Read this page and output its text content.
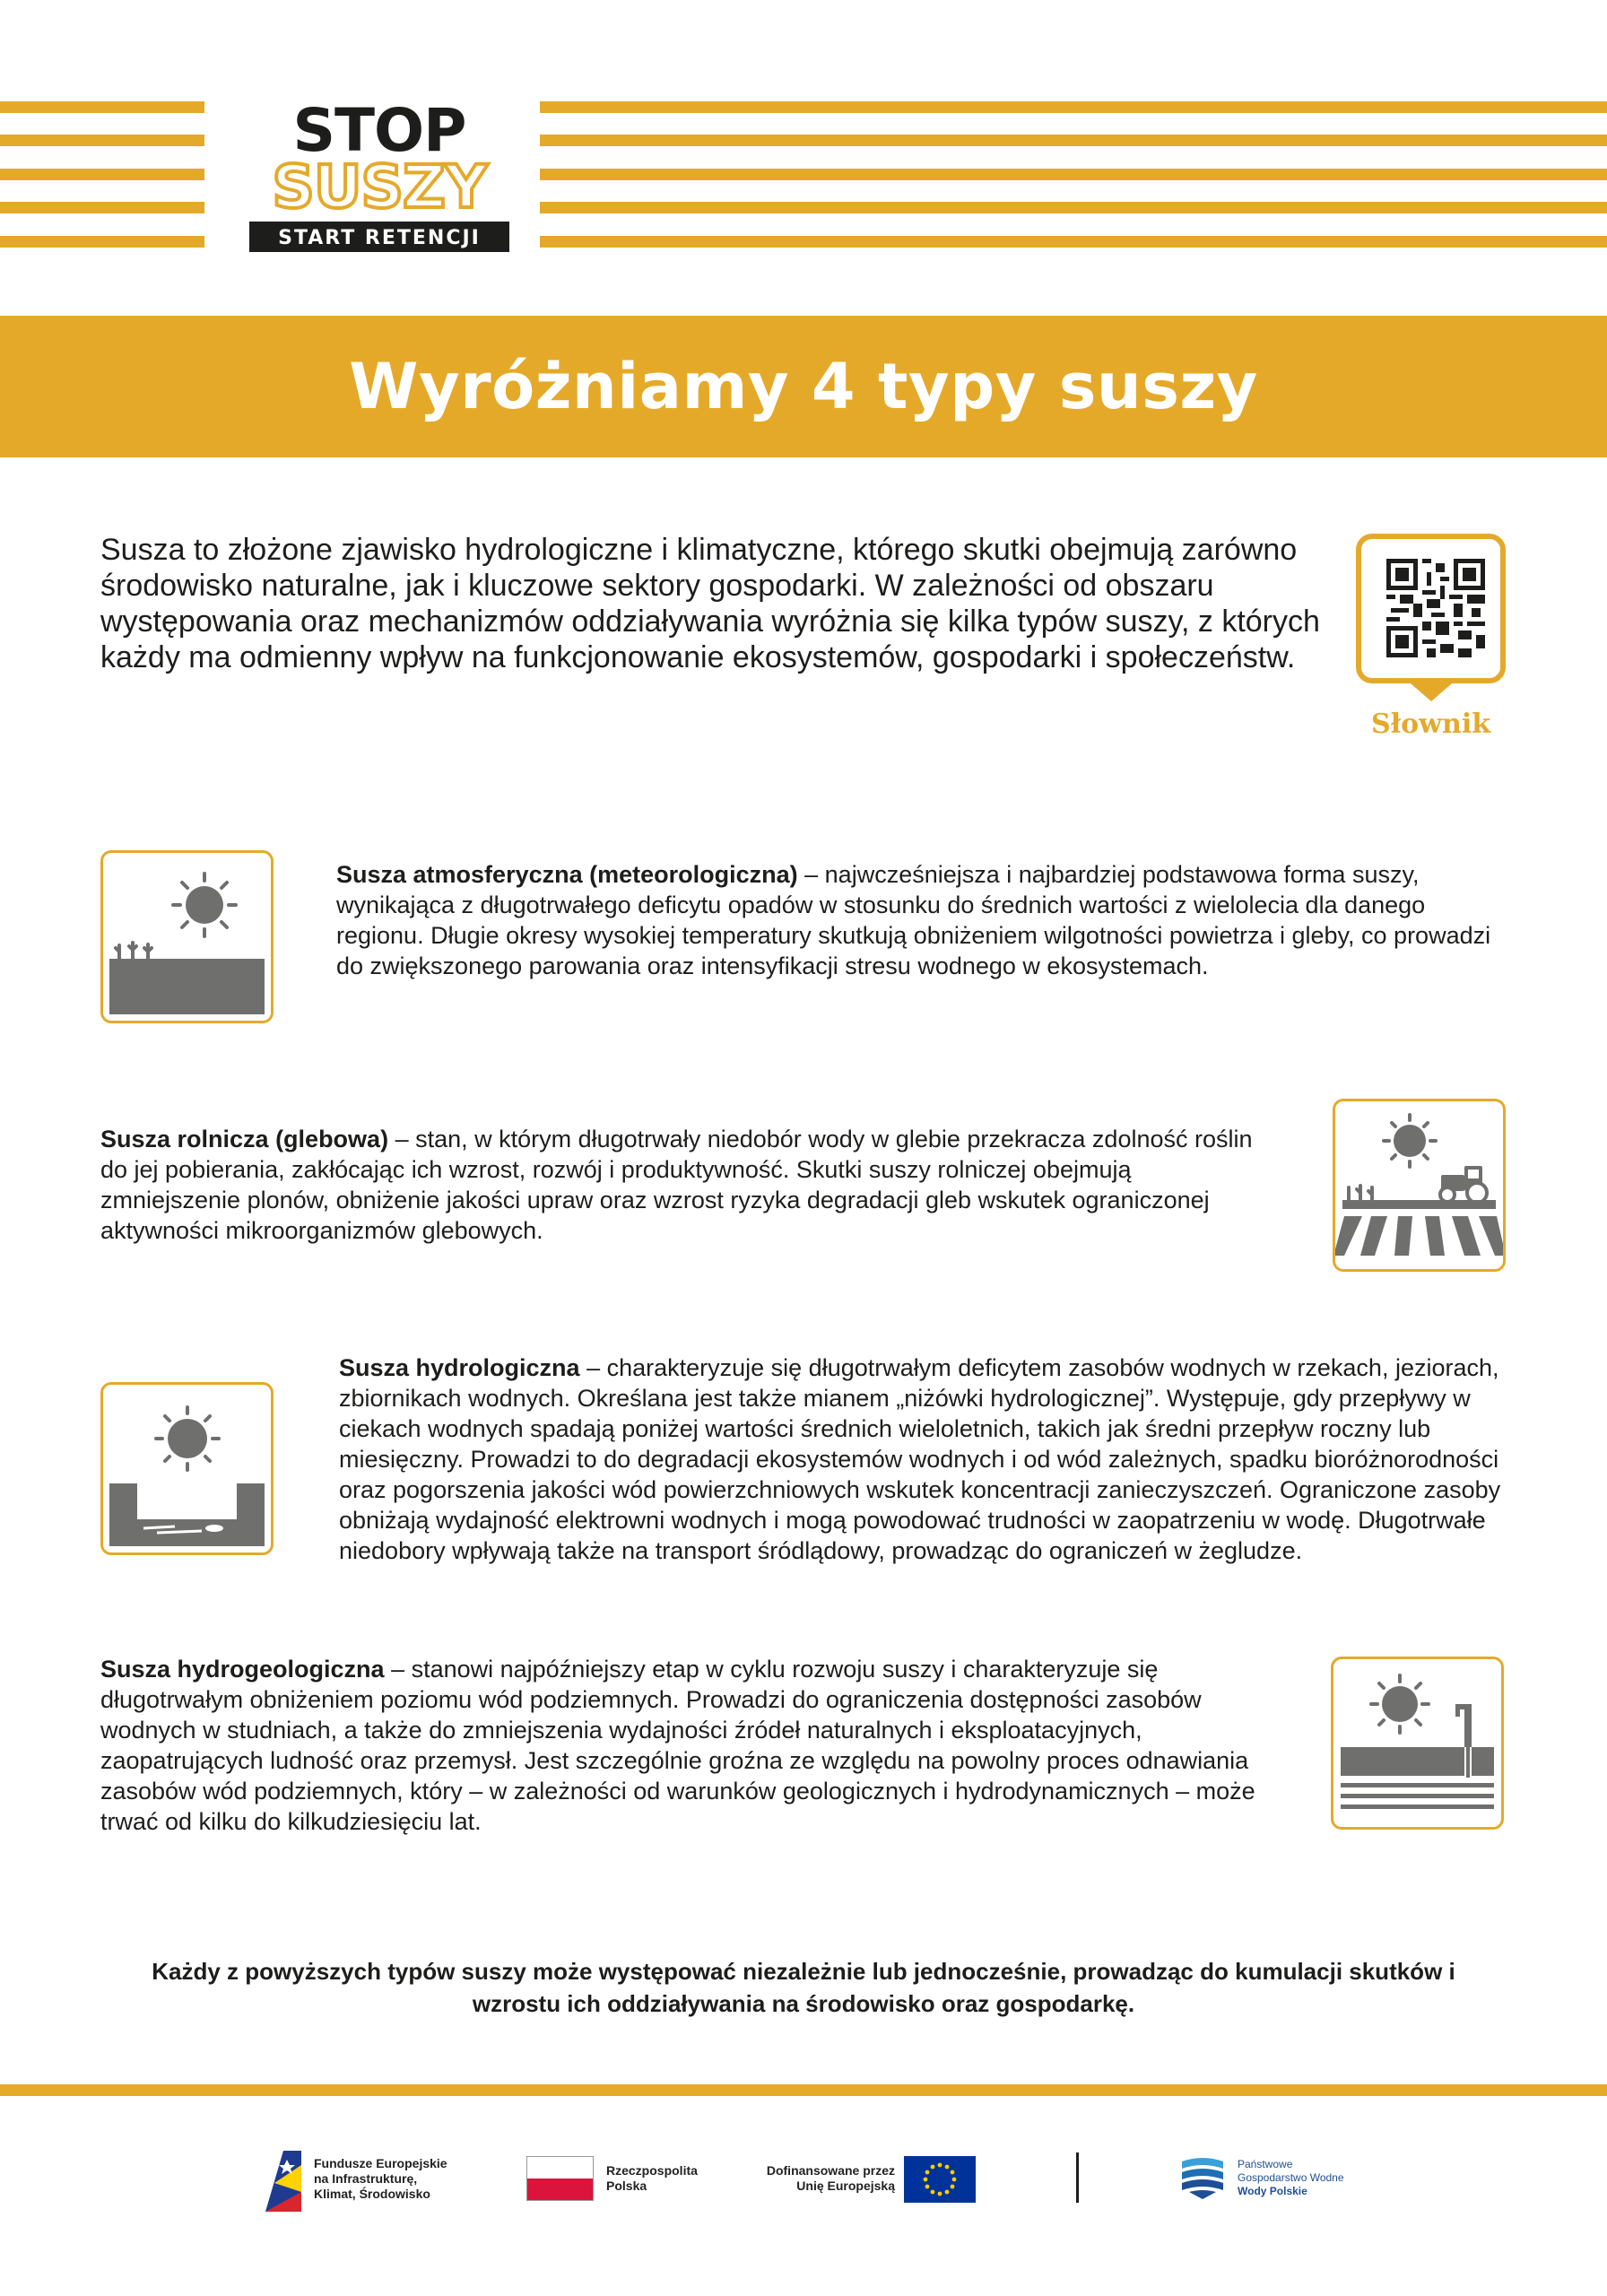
STOP
SUSZY
START RETENCJI
Wyróżniamy 4 typy suszy

Susza to złożone zjawisko hydrologiczne i klimatyczne, którego skutki obejmują zarówno środowisko naturalne, jak i kluczowe sektory gospodarki. W zależności od obszaru występowania oraz mechanizmów oddziaływania wyróżnia się kilka typów suszy, z których każdy ma odmienny wpływ na funkcjonowanie ekosystemów, gospodarki i społeczeństw.

Słownik

Susza atmosferyczna (meteorologiczna) – najwcześniejsza i najbardziej podstawowa forma suszy, wynikająca z długotrwałego deficytu opadów w stosunku do średnich wartości z wielolecia dla danego regionu. Długie okresy wysokiej temperatury skutkują obniżeniem wilgotności powietrza i gleby, co prowadzi do zwiększonego parowania oraz intensyfikacji stresu wodnego w ekosystemach.

Susza rolnicza (glebowa) – stan, w którym długotrwały niedobór wody w glebie przekracza zdolność roślin do jej pobierania, zakłócając ich wzrost, rozwój i produktywność. Skutki suszy rolniczej obejmują zmniejszenie plonów, obniżenie jakości upraw oraz wzrost ryzyka degradacji gleb wskutek ograniczonej aktywności mikroorganizmów glebowych.

Susza hydrologiczna – charakteryzuje się długotrwałym deficytem zasobów wodnych w rzekach, jeziorach, zbiornikach wodnych. Określana jest także mianem „niżówki hydrologicznej”. Występuje, gdy przepływy w ciekach wodnych spadają poniżej wartości średnich wieloletnich, takich jak średni przepływ roczny lub miesięczny. Prowadzi to do degradacji ekosystemów wodnych i od wód zależnych, spadku bioróżnorodności oraz pogorszenia jakości wód powierzchniowych wskutek koncentracji zanieczyszczeń. Ograniczone zasoby obniżają wydajność elektrowni wodnych i mogą powodować trudności w zaopatrzeniu w wodę. Długotrwałe niedobory wpływają także na transport śródlądowy, prowadząc do ograniczeń w żegludze.

Susza hydrogeologiczna – stanowi najpóźniejszy etap w cyklu rozwoju suszy i charakteryzuje się długotrwałym obniżeniem poziomu wód podziemnych. Prowadzi do ograniczenia dostępności zasobów wodnych w studniach, a także do zmniejszenia wydajności źródeł naturalnych i eksploatacyjnych, zaopatrujących ludność oraz przemysł. Jest szczególnie groźna ze względu na powolny proces odnawiania zasobów wód podziemnych, który – w zależności od warunków geologicznych i hydrodynamicznych – może trwać od kilku do kilkudziesięciu lat.

Każdy z powyższych typów suszy może występować niezależnie lub jednocześnie, prowadząc do kumulacji skutków i wzrostu ich oddziaływania na środowisko oraz gospodarkę.

Fundusze Europejskie
na Infrastrukturę,
Klimat, Środowisko
Rzeczpospolita
Polska
Dofinansowane przez
Unię Europejską
Państwowe
Gospodarstwo Wodne
Wody Polskie
